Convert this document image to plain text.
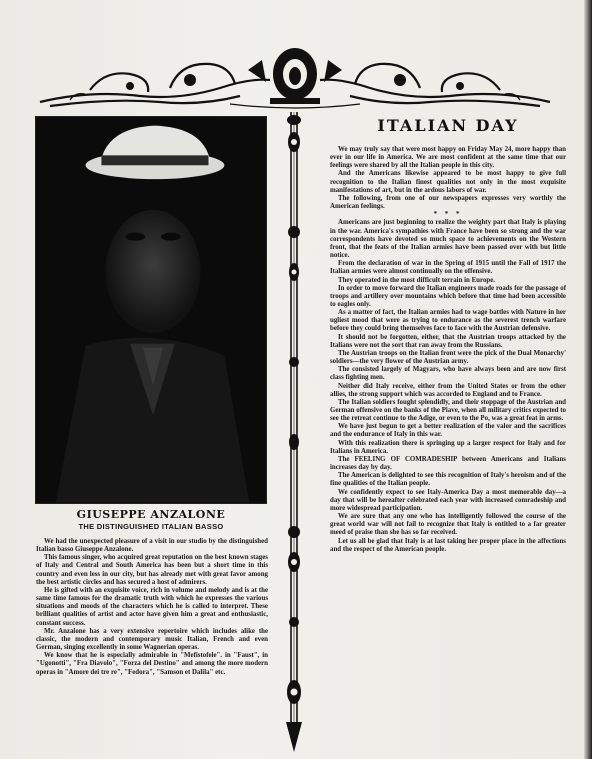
GIUSEPPE ANZALONE
THE DISTINGUISHED ITALIAN BASSO

We had the unexpected pleasure of a visit in our studio by the distinguished Italian basso Giuseppe Anzalone.

This famous singer, who acquired great reputation on the best known stages of Italy and Central and South America has been but a short time in this country and even less in our city, but has already met with great favor among the best artistic circles and has secured a host of admirers.

He is gifted with an exquisite voice, rich in volume and melody and is at the same time famous for the dramatic truth with which he expresses the various situations and moods of the characters which he is called to interpret. These brilliant qualities of artist and actor have given him a great and enthusiastic, constant success.

Mr. Anzalone has a very extensive repertoire which includes alike the classic, the modern and contemporary music Italian, French and even German, singing excellently in some Wagnerian operas.

We know that he is especially admirable in "Mefistofele". in "Faust", in "Ugonotti", "Fra Diavolo", "Forza del Destino" and among the more modern operas in "Amore dei tre re", "Fedora", "Samson et Dalila" etc.

ITALIAN DAY

We may truly say that were most happy on Friday May 24, more happy than ever in our life in America. We are most confident at the same time that our feelings were shared by all the Italian people in this city.

And the Americans likewise appeared to be most happy to give full recognition to the Italian finest qualities not only in the most exquisite manifestations of art, but in the ardous labors of war.

The following, from one of our newspapers expresses very worthly the American feelings.

* * *

Americans are just beginning to realize the weighty part that Italy is playing in the war. America's sympathies with France have been so strong and the war correspondents have devoted so much space to achievements on the Western front, that the feats of the Italian armies have been passed over with but little notice.

From the declaration of war in the Spring of 1915 until the Fall of 1917 the Italian armies were almost continually on the offensive.

They operated in the most difficult terrain in Europe.

In order to move forward the Italian engineers made roads for the passage of troops and artillery over mountains which before that time had been accessible to eagles only.

As a matter of fact, the Italian armies had to wage battles with Nature in her ugliest mood that were as trying to endurance as the severest trench warfare before they could bring themselves face to face with the Austrian defensive.

It should not be forgotten, either, that the Austrian troops attacked by the Italians were not the sort that ran away from the Russians.

The Austrian troops on the Italian front were the pick of the Dual Monarchy' soldiers—the very flower of the Austrian army.

The consisted largely of Magyars, who have always been and are now first class fighting men.

Neither did Italy receive, either from the United States or from the other allies, the strong support which was accorded to England and to France.

The Italian soldiers fought splendidly, and their stoppage of the Austrian and German offensive on the banks of the Piave, when all military critics expected to see the retreat continue to the Adige, or even to the Po, was a great feat in arms.

We have just begun to get a better realization of the valor and the sacrifices and the endurance of Italy in this war.

With this realization there is springing up a larger respect for Italy and for Italians in America.

The FEELING OF COMRADESHIP between Americans and Italians increases day by day.

The American is delighted to see this recognition of Italy's heroism and of the fine qualities of the Italian people.

We confidently expect to see Italy-America Day a most memorable day—a day that will be hereafter celebrated each year with increased comradeship and more widespread participation.

We are sure that any one who has intelligently followed the course of the great world war will not fail to recognize that Italy is entitled to a far greater meed of praise than she has so far received.

Let us all be glad that Italy is at last taking her proper place in the affections and the respect of the American people.
